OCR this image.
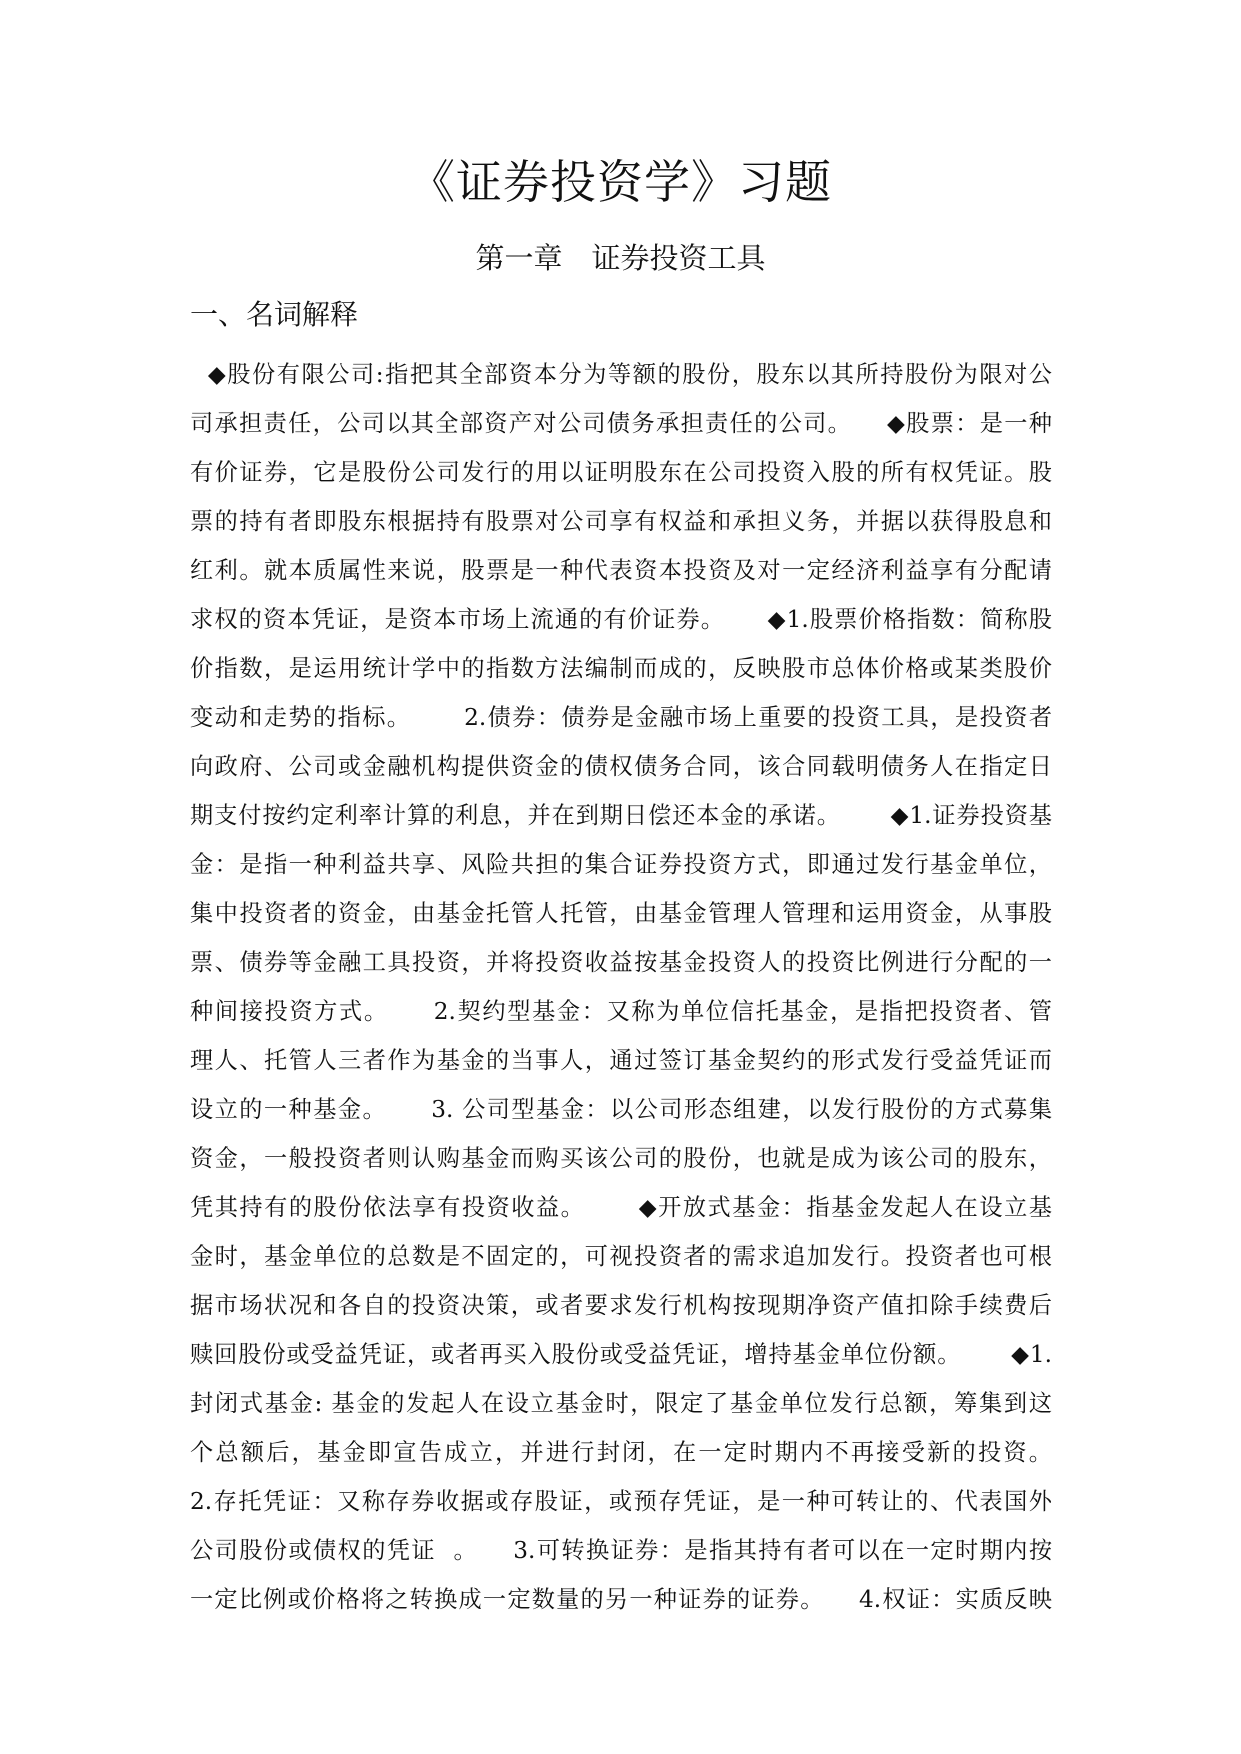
《证券投资学》习题
第一章　证券投资工具
一、名词解释
◆股份有限公司:指把其全部资本分为等额的股份，股东以其所持股份为限对公
司承担责任，公司以其全部资产对公司债务承担责任的公司。    ◆股票：是一种
有价证券，它是股份公司发行的用以证明股东在公司投资入股的所有权凭证。股
票的持有者即股东根据持有股票对公司享有权益和承担义务，并据以获得股息和
红利。就本质属性来说，股票是一种代表资本投资及对一定经济利益享有分配请
求权的资本凭证，是资本市场上流通的有价证券。     ◆1.股票价格指数：简称股
价指数，是运用统计学中的指数方法编制而成的，反映股市总体价格或某类股价
变动和走势的指标。      2.债券：债券是金融市场上重要的投资工具，是投资者
向政府、公司或金融机构提供资金的债权债务合同，该合同载明债务人在指定日
期支付按约定利率计算的利息，并在到期日偿还本金的承诺。      ◆1.证券投资基
金：是指一种利益共享、风险共担的集合证券投资方式，即通过发行基金单位，
集中投资者的资金，由基金托管人托管，由基金管理人管理和运用资金，从事股
票、债券等金融工具投资，并将投资收益按基金投资人的投资比例进行分配的一
种间接投资方式。     2.契约型基金：又称为单位信托基金，是指把投资者、管
理人、托管人三者作为基金的当事人，通过签订基金契约的形式发行受益凭证而
设立的一种基金。     3. 公司型基金：以公司形态组建，以发行股份的方式募集
资金，一般投资者则认购基金而购买该公司的股份，也就是成为该公司的股东，
凭其持有的股份依法享有投资收益。      ◆开放式基金：指基金发起人在设立基
金时，基金单位的总数是不固定的，可视投资者的需求追加发行。投资者也可根
据市场状况和各自的投资决策，或者要求发行机构按现期净资产值扣除手续费后
赎回股份或受益凭证，或者再买入股份或受益凭证，增持基金单位份额。      ◆1.
封闭式基金: 基金的发起人在设立基金时，限定了基金单位发行总额，筹集到这
个总额后，基金即宣告成立，并进行封闭，在一定时期内不再接受新的投资。
2.存托凭证：又称存券收据或存股证，或预存凭证，是一种可转让的、代表国外
公司股份或债权的凭证  。    3.可转换证券：是指其持有者可以在一定时期内按
一定比例或价格将之转换成一定数量的另一种证券的证券。    4.权证：实质反映
